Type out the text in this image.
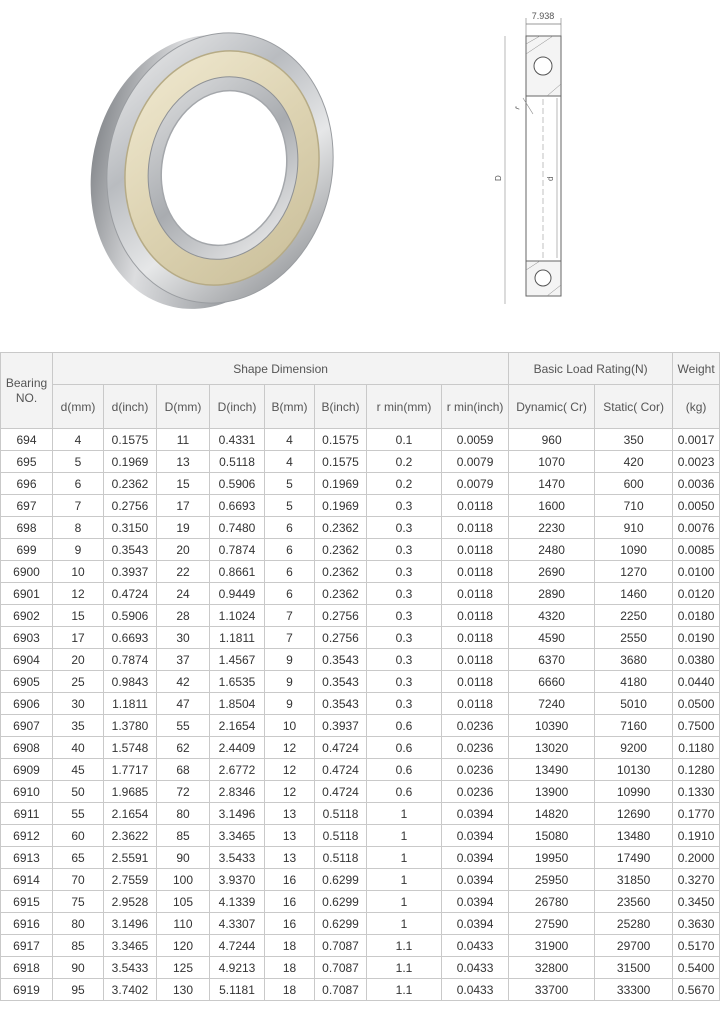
7.938
D	d
r
Bearing NO.	Shape Dimension								Basic Load Rating(N)		Weight
	d(mm)	d(inch)	D(mm)	D(inch)	B(mm)	B(inch)	r min(mm)	r min(inch)	Dynamic( Cr)	Static( Cor)	(kg)
694	4	0.1575	11	0.4331	4	0.1575	0.1	0.0059	960	350	0.0017
695	5	0.1969	13	0.5118	4	0.1575	0.2	0.0079	1070	420	0.0023
696	6	0.2362	15	0.5906	5	0.1969	0.2	0.0079	1470	600	0.0036
697	7	0.2756	17	0.6693	5	0.1969	0.3	0.0118	1600	710	0.0050
698	8	0.3150	19	0.7480	6	0.2362	0.3	0.0118	2230	910	0.0076
699	9	0.3543	20	0.7874	6	0.2362	0.3	0.0118	2480	1090	0.0085
6900	10	0.3937	22	0.8661	6	0.2362	0.3	0.0118	2690	1270	0.0100
6901	12	0.4724	24	0.9449	6	0.2362	0.3	0.0118	2890	1460	0.0120
6902	15	0.5906	28	1.1024	7	0.2756	0.3	0.0118	4320	2250	0.0180
6903	17	0.6693	30	1.1811	7	0.2756	0.3	0.0118	4590	2550	0.0190
6904	20	0.7874	37	1.4567	9	0.3543	0.3	0.0118	6370	3680	0.0380
6905	25	0.9843	42	1.6535	9	0.3543	0.3	0.0118	6660	4180	0.0440
6906	30	1.1811	47	1.8504	9	0.3543	0.3	0.0118	7240	5010	0.0500
6907	35	1.3780	55	2.1654	10	0.3937	0.6	0.0236	10390	7160	0.7500
6908	40	1.5748	62	2.4409	12	0.4724	0.6	0.0236	13020	9200	0.1180
6909	45	1.7717	68	2.6772	12	0.4724	0.6	0.0236	13490	10130	0.1280
6910	50	1.9685	72	2.8346	12	0.4724	0.6	0.0236	13900	10990	0.1330
6911	55	2.1654	80	3.1496	13	0.5118	1	0.0394	14820	12690	0.1770
6912	60	2.3622	85	3.3465	13	0.5118	1	0.0394	15080	13480	0.1910
6913	65	2.5591	90	3.5433	13	0.5118	1	0.0394	19950	17490	0.2000
6914	70	2.7559	100	3.9370	16	0.6299	1	0.0394	25950	31850	0.3270
6915	75	2.9528	105	4.1339	16	0.6299	1	0.0394	26780	23560	0.3450
6916	80	3.1496	110	4.3307	16	0.6299	1	0.0394	27590	25280	0.3630
6917	85	3.3465	120	4.7244	18	0.7087	1.1	0.0433	31900	29700	0.5170
6918	90	3.5433	125	4.9213	18	0.7087	1.1	0.0433	32800	31500	0.5400
6919	95	3.7402	130	5.1181	18	0.7087	1.1	0.0433	33700	33300	0.5670
